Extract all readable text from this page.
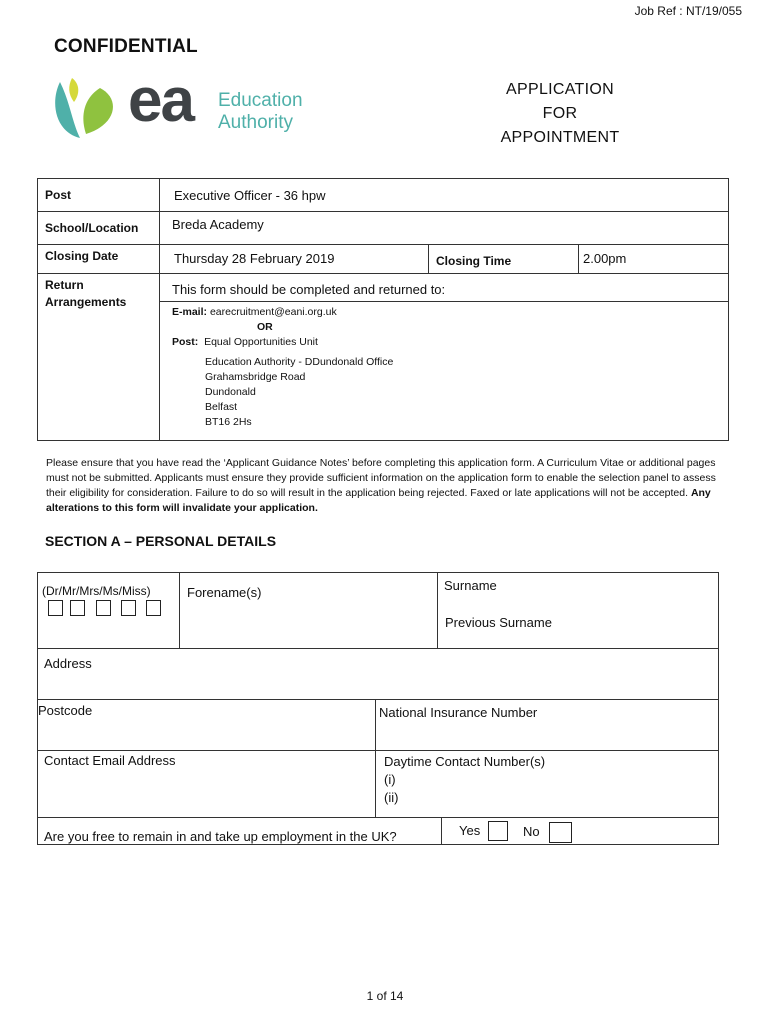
Job Ref : NT/19/055
CONFIDENTIAL
ea Education
Authority
APPLICATION
FOR
APPOINTMENT
Post	Executive Officer - 36 hpw
School/Location	Breda Academy
Closing Date	Thursday 28 February 2019	Closing Time	2.00pm
Return
Arrangements
This form should be completed and returned to:
E-mail: earecruitment@eani.org.uk
OR
Post: Equal Opportunities Unit
Education Authority - DDundonald Office
Grahamsbridge Road
Dundonald
Belfast
BT16 2Hs
Please ensure that you have read the ‘Applicant Guidance Notes’ before completing this application form. A Curriculum Vitae or additional pages must not be submitted. Applicants must ensure they provide sufficient information on the application form to enable the selection panel to assess their eligibility for consideration. Failure to do so will result in the application being rejected. Faxed or late applications will not be accepted. Any alterations to this form will invalidate your application.
SECTION A – PERSONAL DETAILS
(Dr/Mr/Mrs/Ms/Miss)	Forename(s)	Surname
Previous Surname
Address
Postcode	National Insurance Number
Contact Email Address	Daytime Contact Number(s)
(i)
(ii)
Are you free to remain in and take up employment in the UK?	Yes	No
1 of 14
